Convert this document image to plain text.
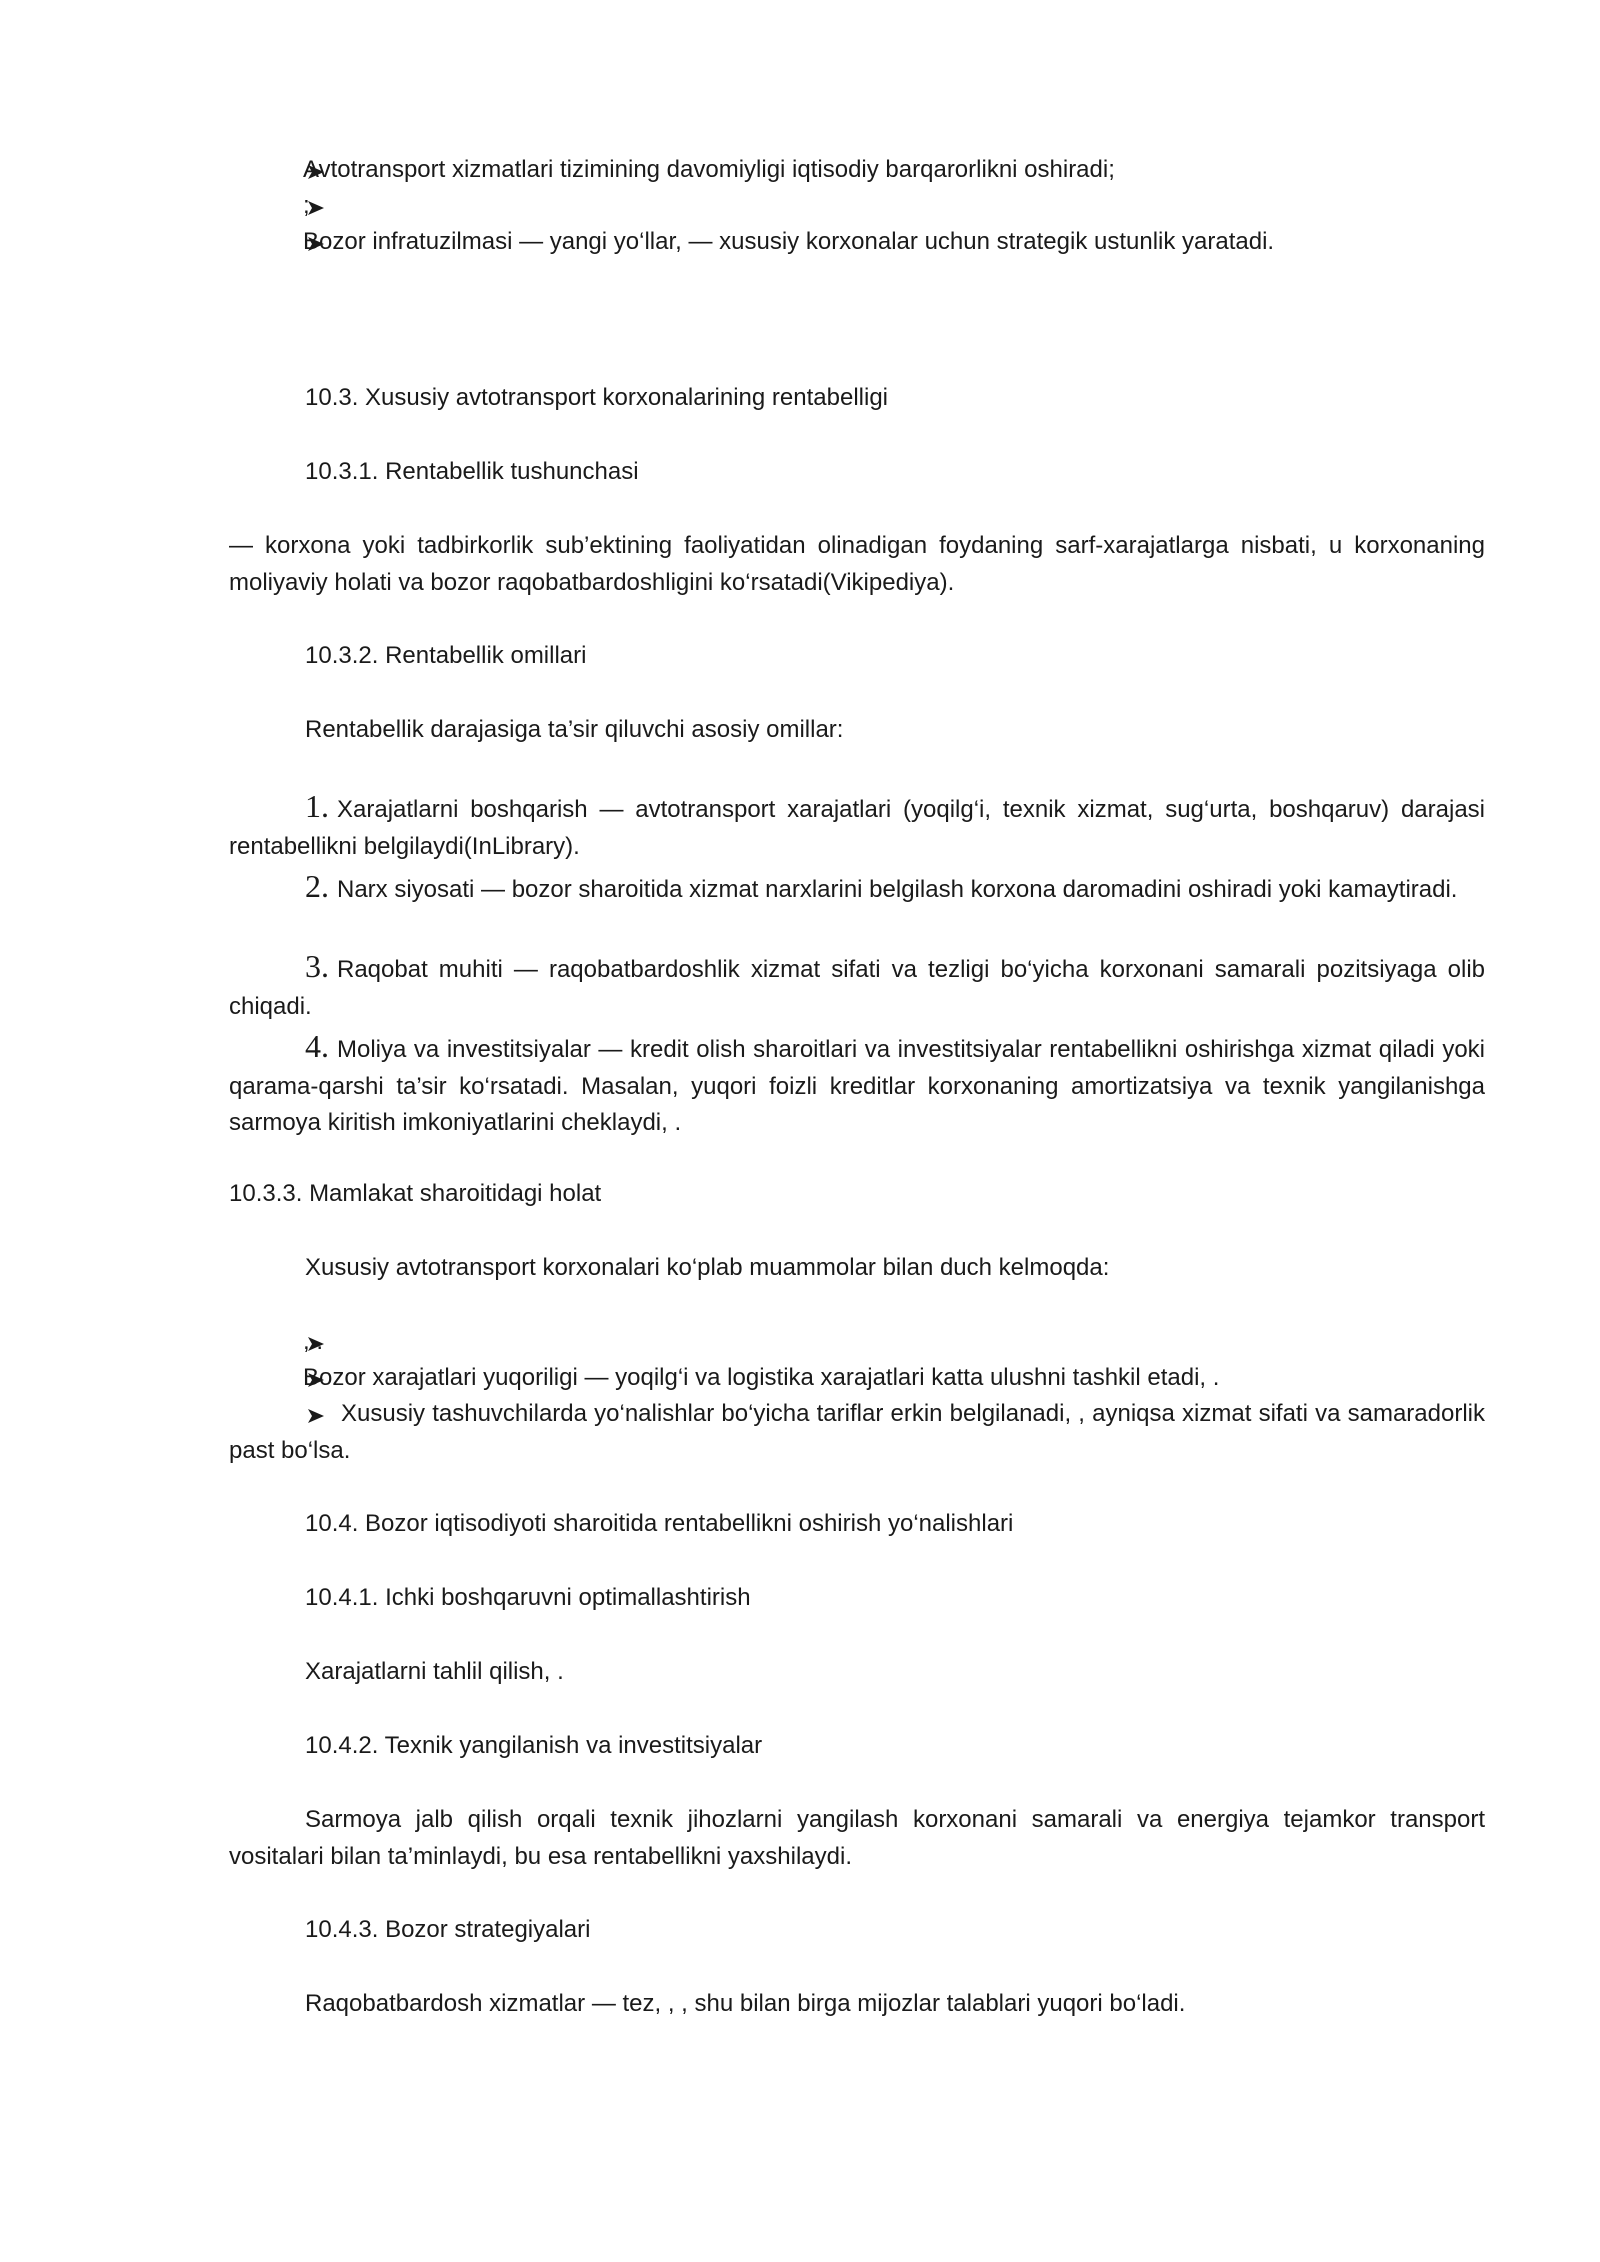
Avtotransport xizmatlari tizimining davomiyligi iqtisodiy barqarorlikni oshiradi;
;
Bozor infratuzilmasi — yangi yo‘llar, — xususiy korxonalar uchun strategik ustunlik yaratadi.
10.3. Xususiy avtotransport korxonalarining rentabelligi
10.3.1. Rentabellik tushunchasi
— korxona yoki tadbirkorlik sub’ektining faoliyatidan olinadigan foydaning sarf-xarajatlarga nisbati, u korxonaning moliyaviy holati va bozor raqobatbardoshligini ko‘rsatadi(Vikipediya).
10.3.2. Rentabellik omillari
Rentabellik darajasiga ta’sir qiluvchi asosiy omillar:
1. Xarajatlarni boshqarish — avtotransport xarajatlari (yoqilg‘i, texnik xizmat, sug‘urta, boshqaruv) darajasi rentabellikni belgilaydi(InLibrary).
2. Narx siyosati — bozor sharoitida xizmat narxlarini belgilash korxona daromadini oshiradi yoki kamaytiradi.
3. Raqobat muhiti — raqobatbardoshlik xizmat sifati va tezligi bo‘yicha korxonani samarali pozitsiyaga olib chiqadi.
4. Moliya va investitsiyalar — kredit olish sharoitlari va investitsiyalar rentabellikni oshirishga xizmat qiladi yoki qarama-qarshi ta’sir ko‘rsatadi. Masalan, yuqori foizli kreditlar korxonaning amortizatsiya va texnik yangilanishga sarmoya kiritish imkoniyatlarini cheklaydi, .
10.3.3. Mamlakat sharoitidagi holat
Xususiy avtotransport korxonalari ko‘plab muammolar bilan duch kelmoqda:
, .
Bozor xarajatlari yuqoriligi — yoqilg‘i va logistika xarajatlari katta ulushni tashkil etadi, .
Xususiy tashuvchilarda yo‘nalishlar bo‘yicha tariflar erkin belgilanadi, , ayniqsa xizmat sifati va samaradorlik past bo‘lsa.
10.4. Bozor iqtisodiyoti sharoitida rentabellikni oshirish yo‘nalishlari
10.4.1. Ichki boshqaruvni optimallashtirish
Xarajatlarni tahlil qilish, .
10.4.2. Texnik yangilanish va investitsiyalar
Sarmoya jalb qilish orqali texnik jihozlarni yangilash korxonani samarali va energiya tejamkor transport vositalari bilan ta’minlaydi, bu esa rentabellikni yaxshilaydi.
10.4.3. Bozor strategiyalari
Raqobatbardosh xizmatlar — tez, , , shu bilan birga mijozlar talablari yuqori bo‘ladi.
